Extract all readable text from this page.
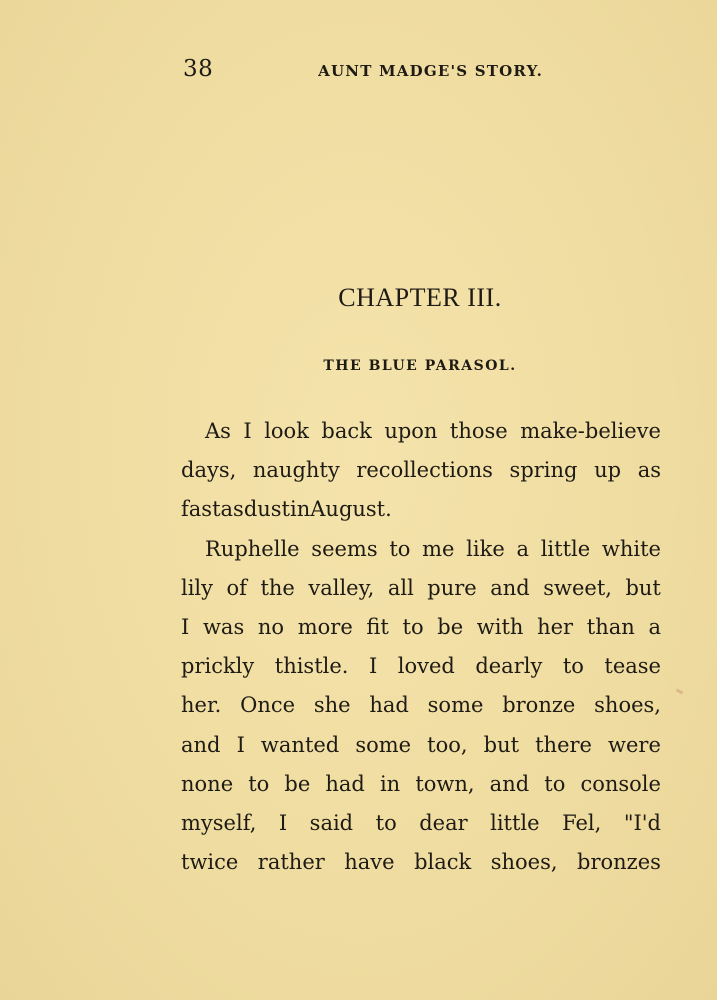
38	AUNT MADGE'S STORY.
CHAPTER III.
THE BLUE PARASOL.
As I look back upon those make-believe
days, naughty recollections spring up as
fast as dust in August.
Ruphelle seems to me like a little white
lily of the valley, all pure and sweet, but
I was no more fit to be with her than a
prickly thistle. I loved dearly to tease
her. Once she had some bronze shoes,
and I wanted some too, but there were
none to be had in town, and to console
myself, I said to dear little Fel, "I'd
twice rather have black shoes, bronzes
